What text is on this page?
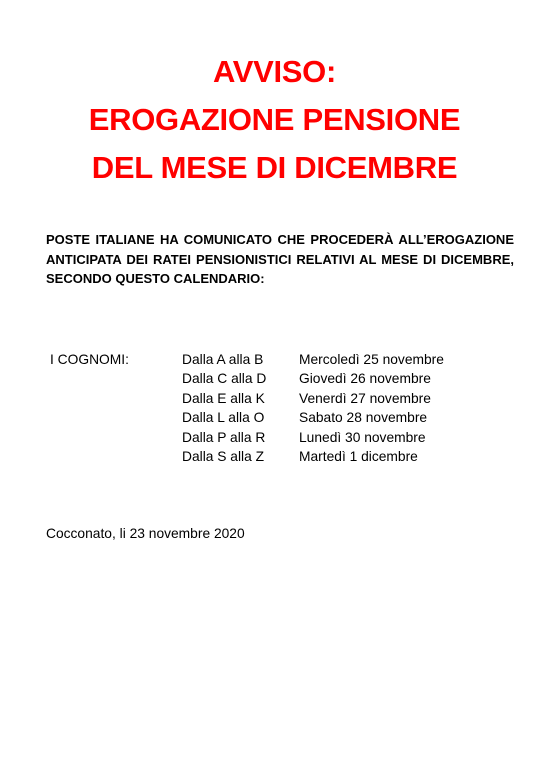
AVVISO:
EROGAZIONE PENSIONE
DEL MESE DI DICEMBRE
POSTE ITALIANE HA COMUNICATO CHE PROCEDERÀ ALL’EROGAZIONE ANTICIPATA DEI RATEI PENSIONISTICI RELATIVI AL MESE DI DICEMBRE, SECONDO QUESTO CALENDARIO:
I COGNOMI:	Dalla A alla B	Mercoledì 25 novembre
Dalla C alla D	Giovedì 26 novembre
Dalla E alla K	Venerdì 27 novembre
Dalla L alla O	Sabato 28 novembre
Dalla P alla R	Lunedì 30 novembre
Dalla S alla Z	Martedì 1 dicembre
Cocconato, li 23 novembre 2020
